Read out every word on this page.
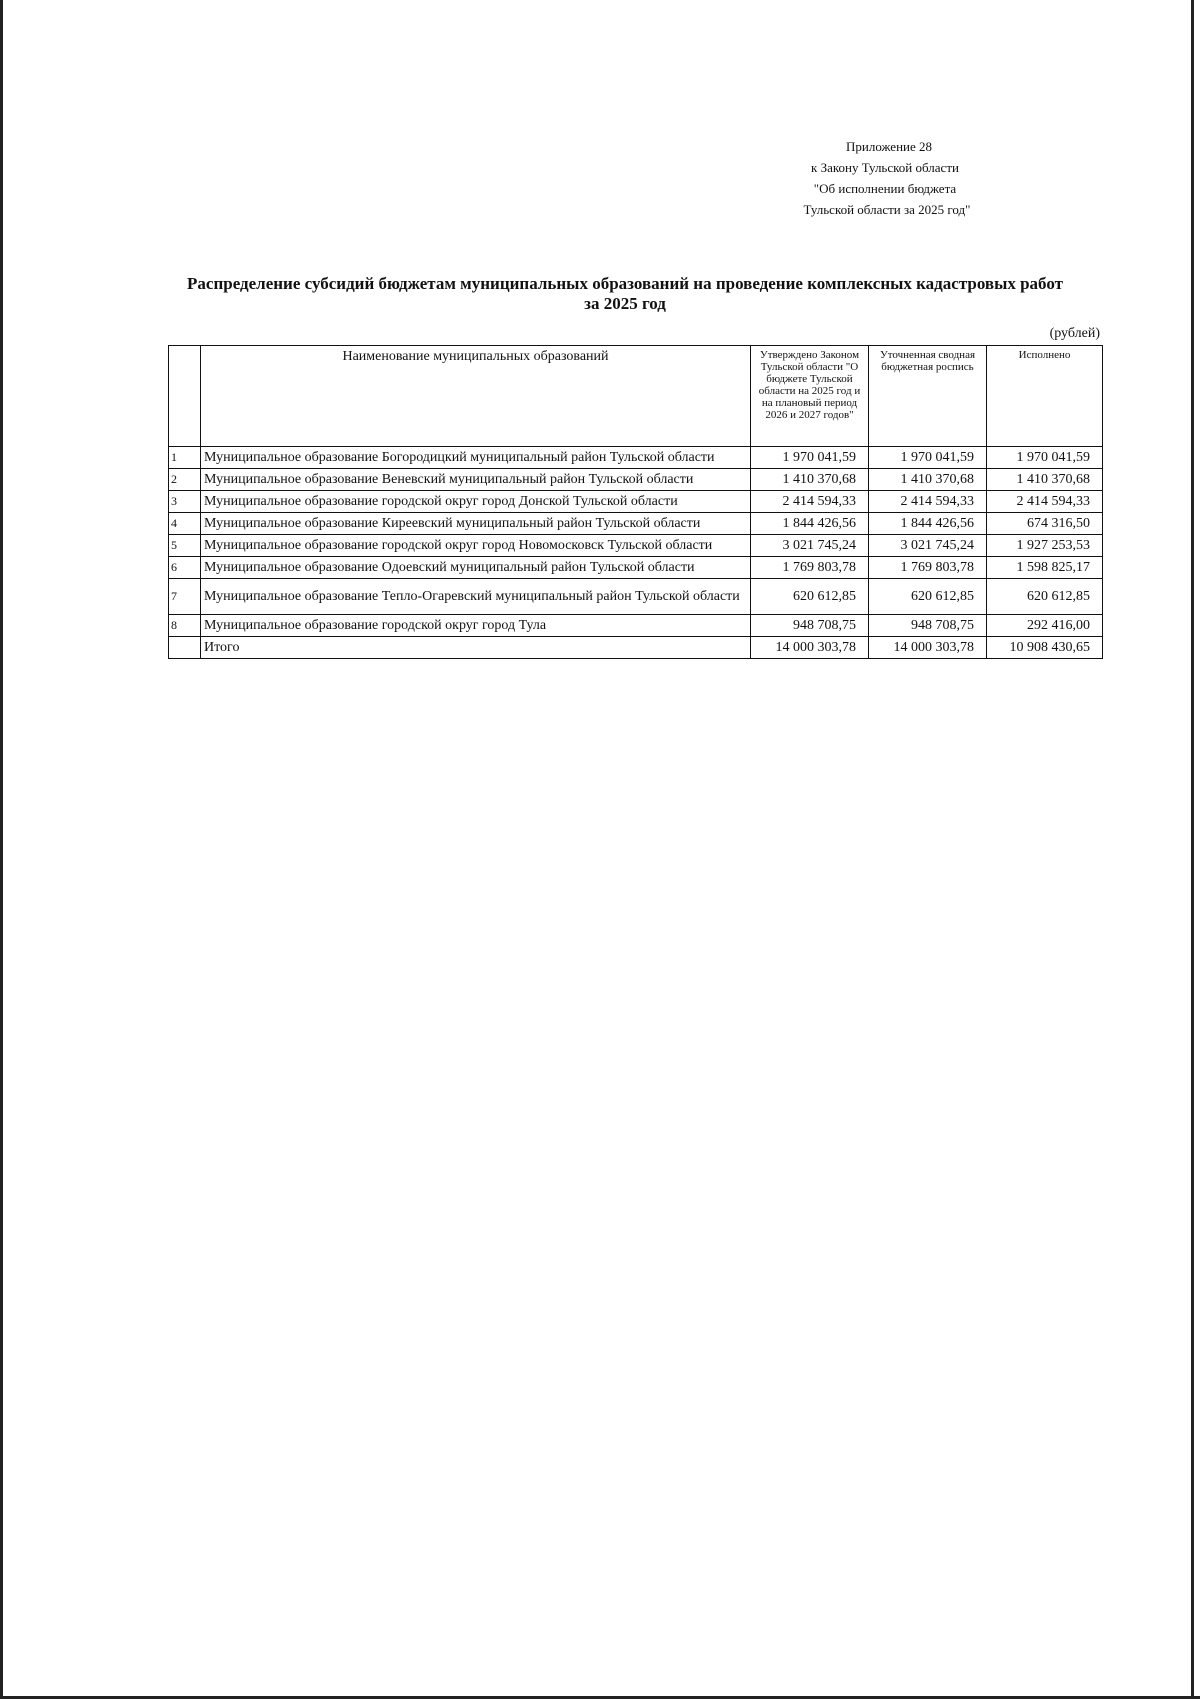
Приложение 28
к Закону Тульской области
"Об исполнении бюджета
Тульской области за 2025 год"
Распределение субсидий бюджетам муниципальных образований на проведение комплексных кадастровых работ
за 2025 год
(рублей)
	Наименование муниципальных образований	Утверждено Законом Тульской области "О бюджете Тульской области на 2025 год и на плановый период 2026 и 2027 годов"	Уточненная сводная бюджетная роспись	Исполнено
1	Муниципальное образование Богородицкий муниципальный район Тульской области	1 970 041,59	1 970 041,59	1 970 041,59
2	Муниципальное образование Веневский муниципальный район Тульской области	1 410 370,68	1 410 370,68	1 410 370,68
3	Муниципальное образование городской округ город Донской Тульской области	2 414 594,33	2 414 594,33	2 414 594,33
4	Муниципальное образование Киреевский муниципальный район Тульской области	1 844 426,56	1 844 426,56	674 316,50
5	Муниципальное образование городской округ город Новомосковск Тульской области	3 021 745,24	3 021 745,24	1 927 253,53
6	Муниципальное образование Одоевский муниципальный район Тульской области	1 769 803,78	1 769 803,78	1 598 825,17
7	Муниципальное образование Тепло-Огаревский муниципальный район Тульской области	620 612,85	620 612,85	620 612,85
8	Муниципальное образование городской округ город Тула	948 708,75	948 708,75	292 416,00
	Итого	14 000 303,78	14 000 303,78	10 908 430,65
